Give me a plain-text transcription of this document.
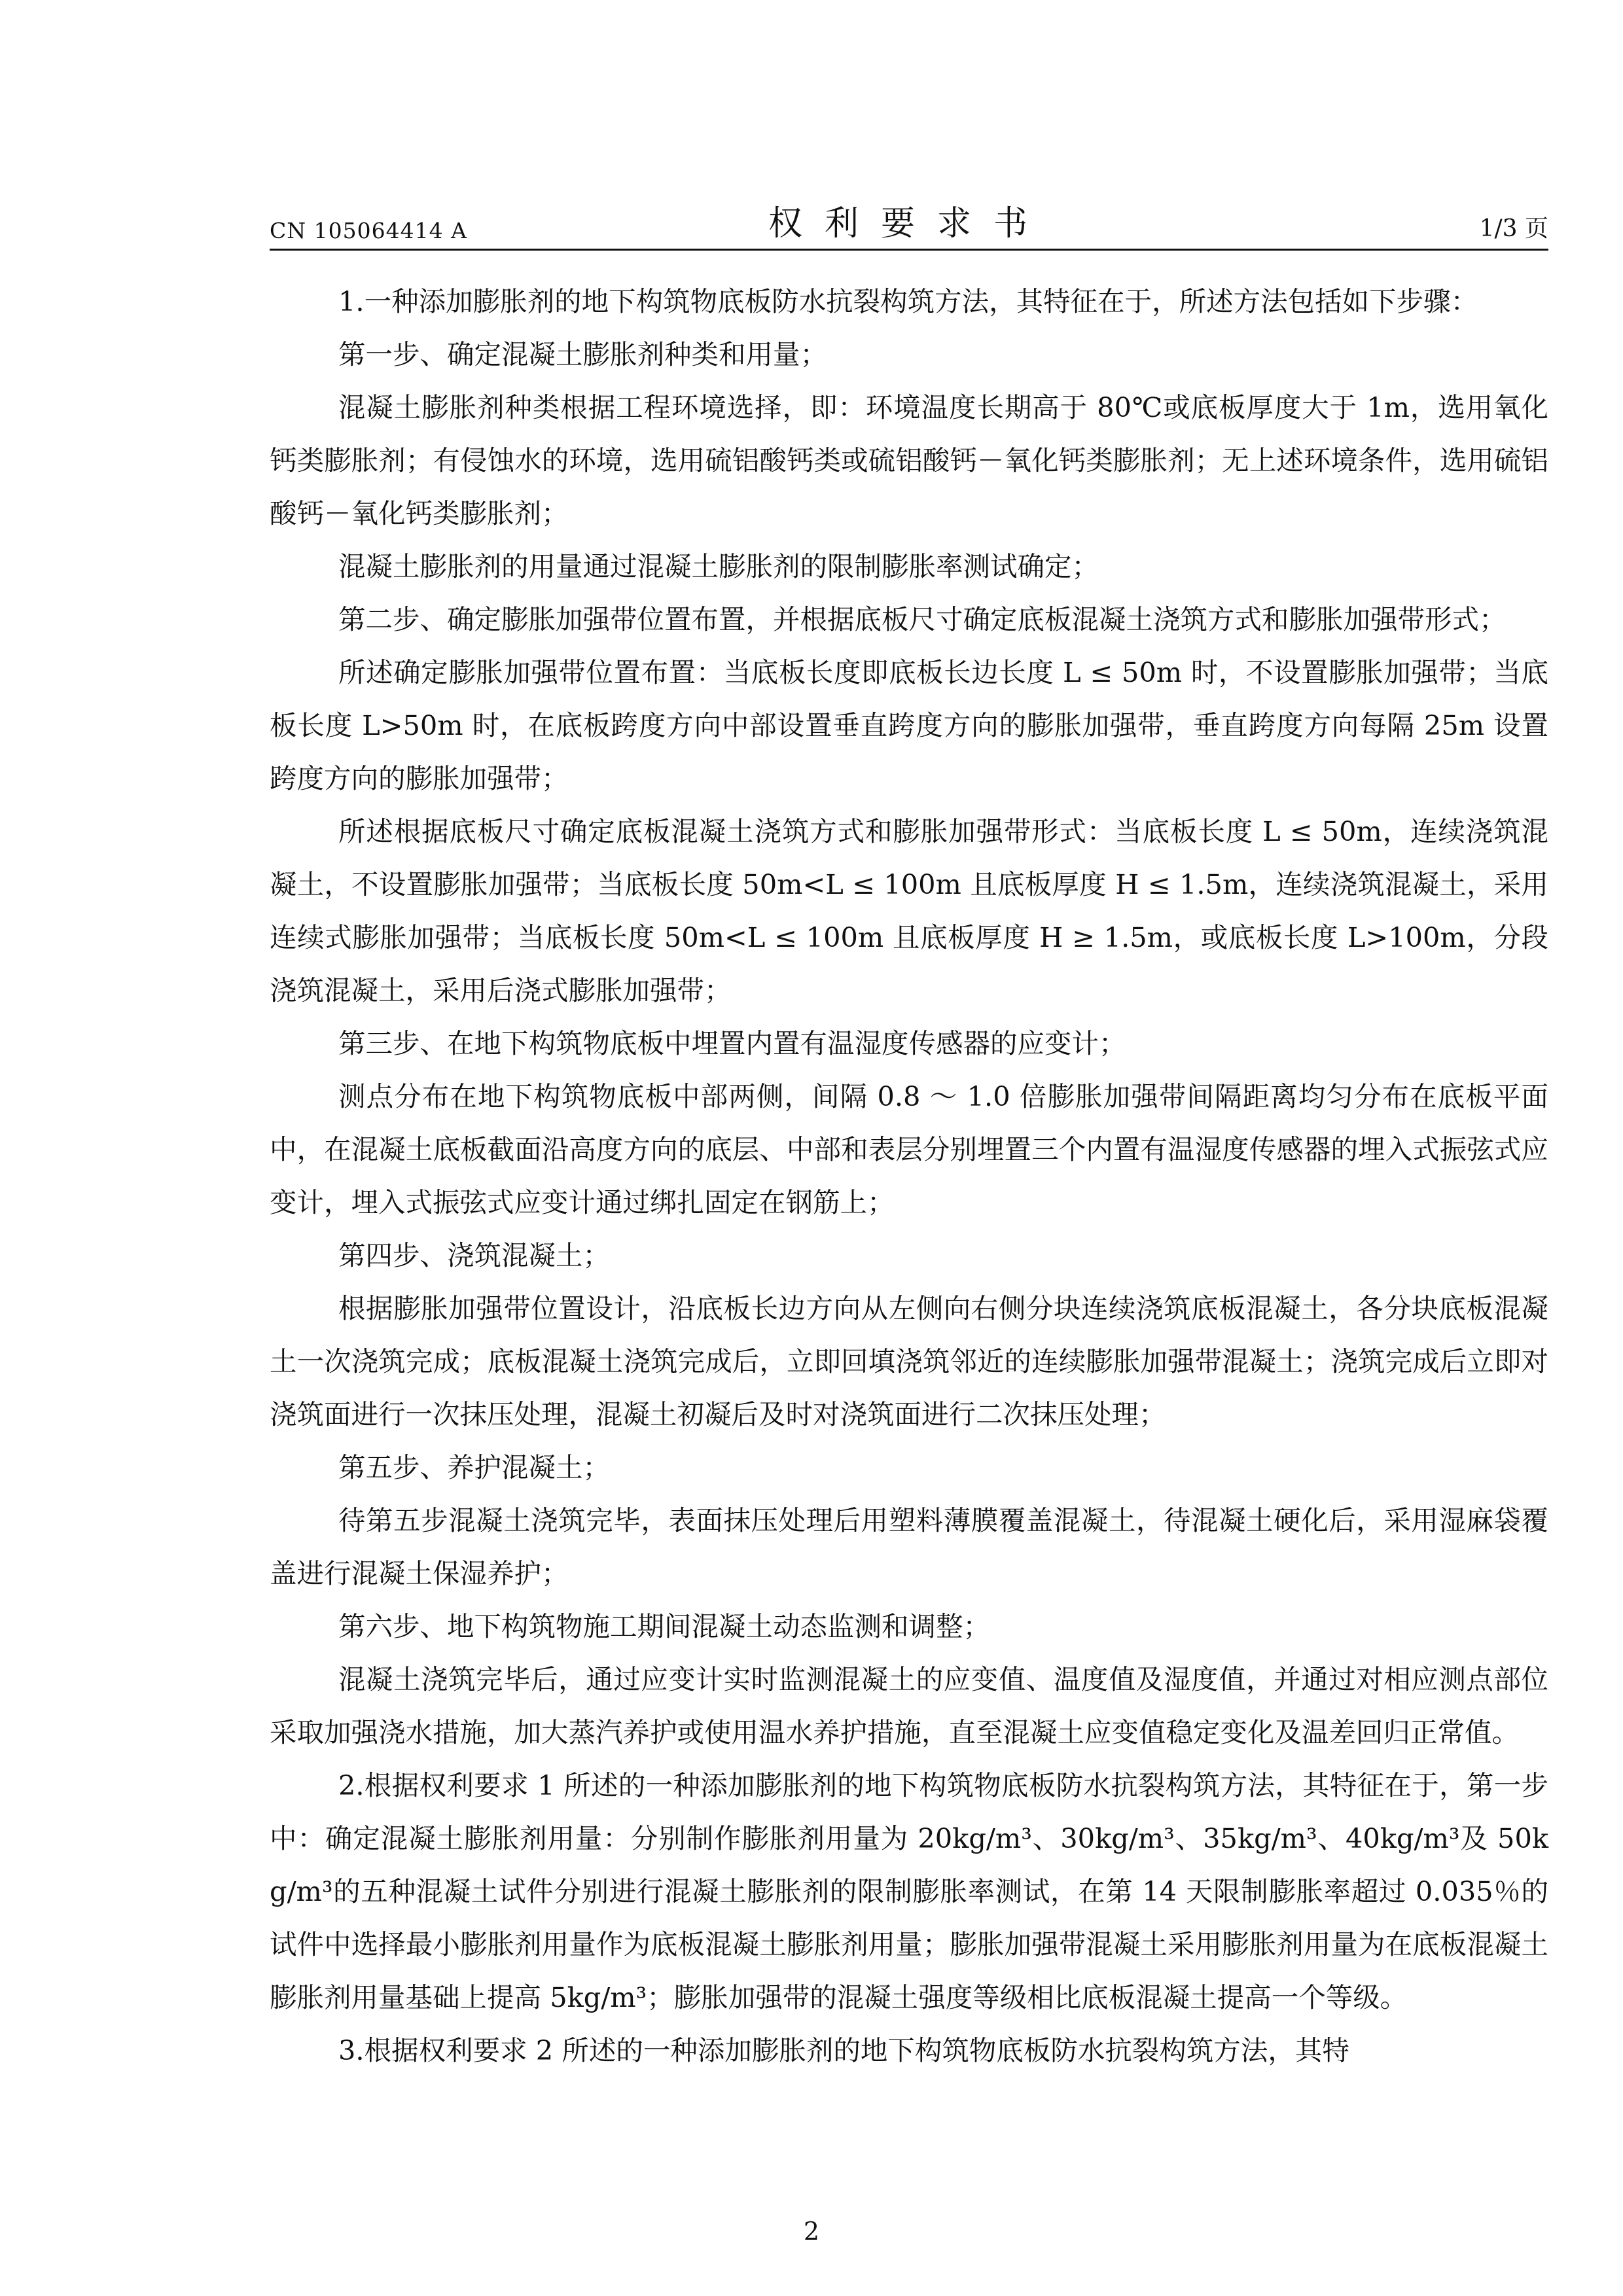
CN 105064414 A	权利要求书	1/3 页

1.一种添加膨胀剂的地下构筑物底板防水抗裂构筑方法，其特征在于，所述方法包括如下步骤：

第一步、确定混凝土膨胀剂种类和用量；

混凝土膨胀剂种类根据工程环境选择，即：环境温度长期高于 80℃或底板厚度大于 1m，选用氧化钙类膨胀剂；有侵蚀水的环境，选用硫铝酸钙类或硫铝酸钙－氧化钙类膨胀剂；无上述环境条件，选用硫铝酸钙－氧化钙类膨胀剂；

混凝土膨胀剂的用量通过混凝土膨胀剂的限制膨胀率测试确定；

第二步、确定膨胀加强带位置布置，并根据底板尺寸确定底板混凝土浇筑方式和膨胀加强带形式；

所述确定膨胀加强带位置布置：当底板长度即底板长边长度 L ≤ 50m 时，不设置膨胀加强带；当底板长度 L>50m 时，在底板跨度方向中部设置垂直跨度方向的膨胀加强带，垂直跨度方向每隔 25m 设置跨度方向的膨胀加强带；

所述根据底板尺寸确定底板混凝土浇筑方式和膨胀加强带形式：当底板长度 L ≤ 50m，连续浇筑混凝土，不设置膨胀加强带；当底板长度 50m<L ≤ 100m 且底板厚度 H ≤ 1.5m，连续浇筑混凝土，采用连续式膨胀加强带；当底板长度 50m<L ≤ 100m 且底板厚度 H ≥ 1.5m，或底板长度 L>100m，分段浇筑混凝土，采用后浇式膨胀加强带；

第三步、在地下构筑物底板中埋置内置有温湿度传感器的应变计；

测点分布在地下构筑物底板中部两侧，间隔 0.8 ～ 1.0 倍膨胀加强带间隔距离均匀分布在底板平面中，在混凝土底板截面沿高度方向的底层、中部和表层分别埋置三个内置有温湿度传感器的埋入式振弦式应变计，埋入式振弦式应变计通过绑扎固定在钢筋上；

第四步、浇筑混凝土；

根据膨胀加强带位置设计，沿底板长边方向从左侧向右侧分块连续浇筑底板混凝土，各分块底板混凝土一次浇筑完成；底板混凝土浇筑完成后，立即回填浇筑邻近的连续膨胀加强带混凝土；浇筑完成后立即对浇筑面进行一次抹压处理，混凝土初凝后及时对浇筑面进行二次抹压处理；

第五步、养护混凝土；

待第五步混凝土浇筑完毕，表面抹压处理后用塑料薄膜覆盖混凝土，待混凝土硬化后，采用湿麻袋覆盖进行混凝土保湿养护；

第六步、地下构筑物施工期间混凝土动态监测和调整；

混凝土浇筑完毕后，通过应变计实时监测混凝土的应变值、温度值及湿度值，并通过对相应测点部位采取加强浇水措施，加大蒸汽养护或使用温水养护措施，直至混凝土应变值稳定变化及温差回归正常值。

2.根据权利要求 1 所述的一种添加膨胀剂的地下构筑物底板防水抗裂构筑方法，其特征在于，第一步中：确定混凝土膨胀剂用量：分别制作膨胀剂用量为 20kg/m³、30kg/m³、35kg/m³、40kg/m³及 50kg/m³的五种混凝土试件分别进行混凝土膨胀剂的限制膨胀率测试，在第 14 天限制膨胀率超过 0.035％的试件中选择最小膨胀剂用量作为底板混凝土膨胀剂用量；膨胀加强带混凝土采用膨胀剂用量为在底板混凝土膨胀剂用量基础上提高 5kg/m³；膨胀加强带的混凝土强度等级相比底板混凝土提高一个等级。

3.根据权利要求 2 所述的一种添加膨胀剂的地下构筑物底板防水抗裂构筑方法，其特

2
